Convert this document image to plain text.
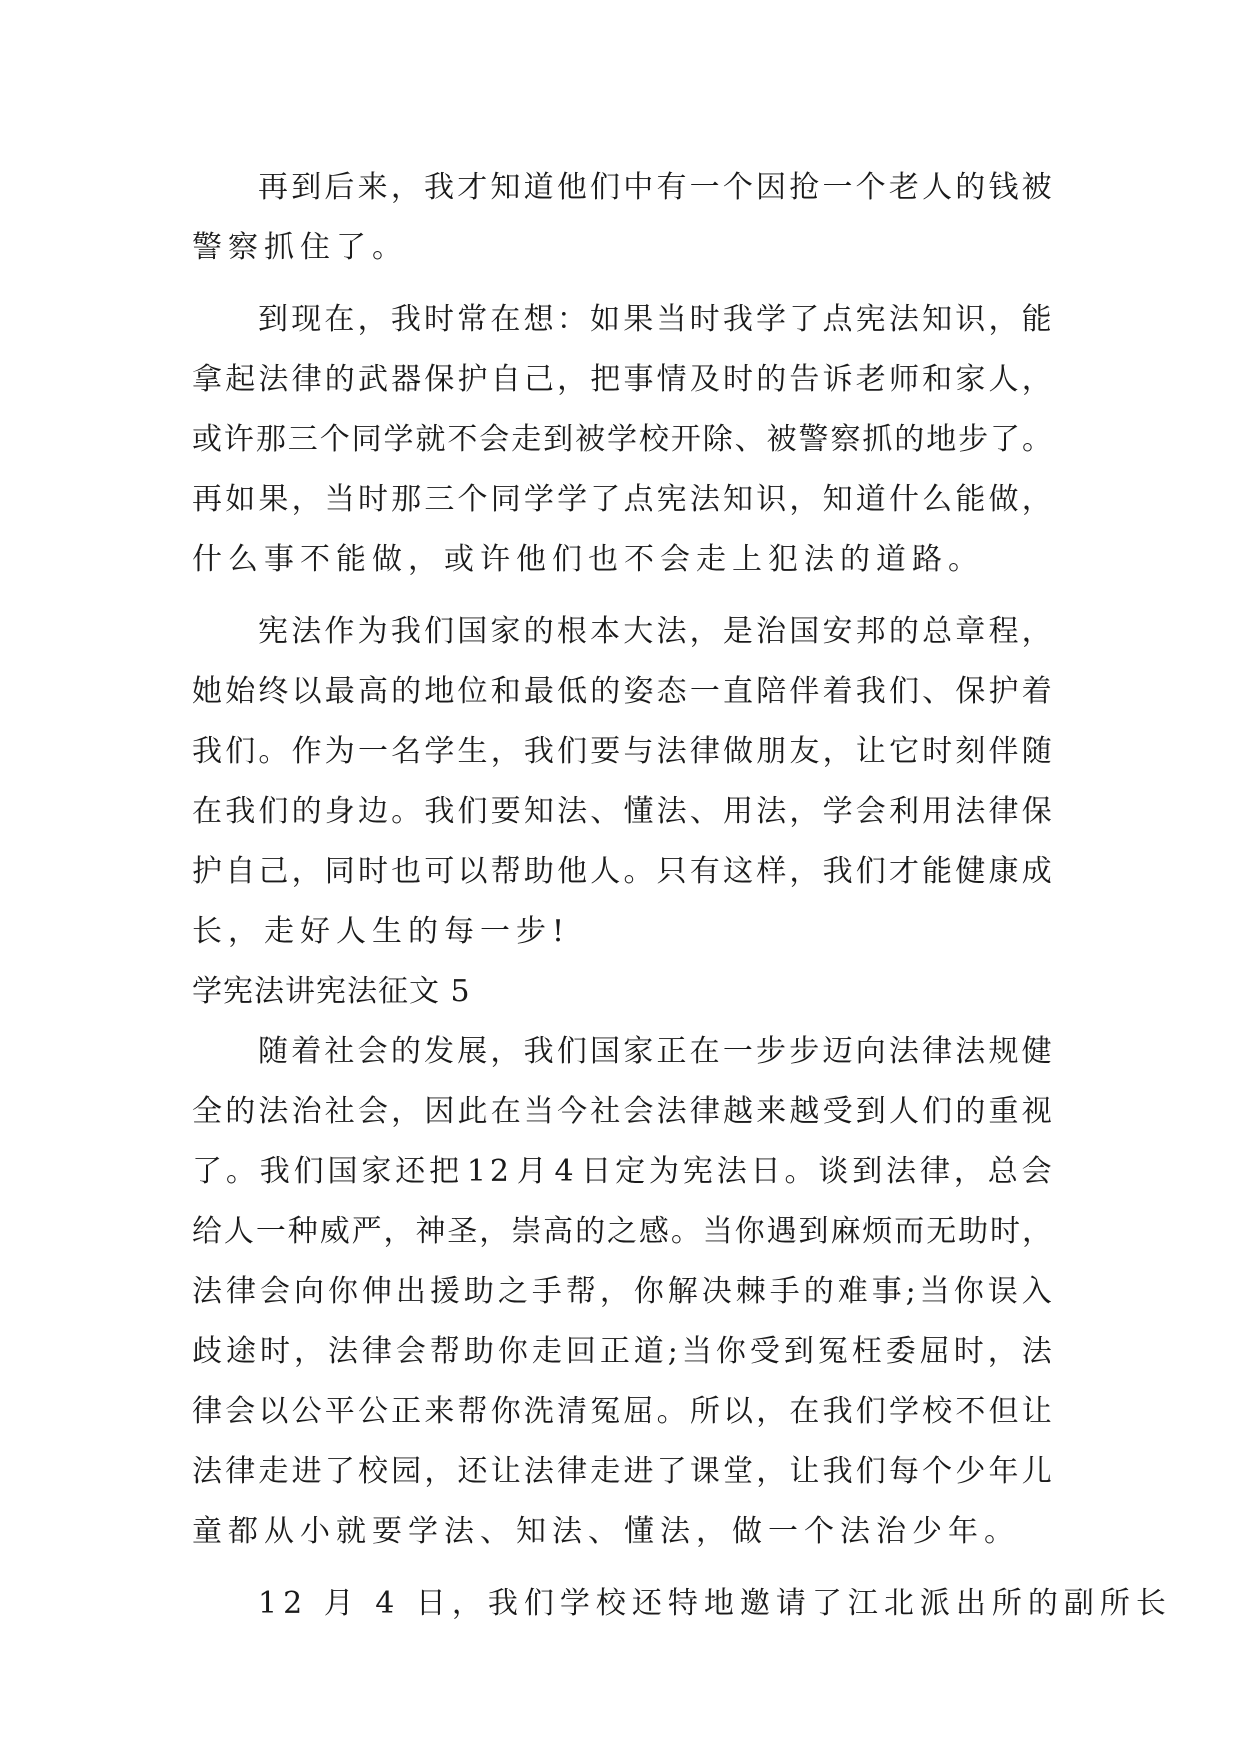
再 到 后 来 ， 我 才 知 道 他 们 中 有 一 个 因 抢 一 个 老 人 的 钱 被
警察抓住了。
到 现 在 ， 我 时 常 在 想 ： 如 果 当 时 我 学 了 点 宪 法 知 识 ， 能
拿 起 法 律 的 武 器 保 护 自 己 ， 把 事 情 及 时 的 告 诉 老 师 和 家 人 ，
或 许 那 三 个 同 学 就 不 会 走 到 被 学 校 开 除 、 被 警 察 抓 的 地 步 了 。
再 如 果 ， 当 时 那 三 个 同 学 学 了 点 宪 法 知 识 ， 知 道 什 么 能 做 ，
什么事不能做，或许他们也不会走上犯法的道路。
宪 法 作 为 我 们 国 家 的 根 本 大 法 ， 是 治 国 安 邦 的 总 章 程 ，
她 始 终 以 最 高 的 地 位 和 最 低 的 姿 态 一 直 陪 伴 着 我 们 、 保 护 着
我 们 。 作 为 一 名 学 生 ， 我 们 要 与 法 律 做 朋 友 ， 让 它 时 刻 伴 随
在 我 们 的 身 边 。 我 们 要 知 法 、 懂 法 、 用 法 ， 学 会 利 用 法 律 保
护 自 己 ， 同 时 也 可 以 帮 助 他 人 。 只 有 这 样 ， 我 们 才 能 健 康 成
长，走好人生的每一步!
学宪法讲宪法征文 5
随 着 社 会 的 发 展 ， 我 们 国 家 正 在 一 步 步 迈 向 法 律 法 规 健
全 的 法 治 社 会 ， 因 此 在 当 今 社 会 法 律 越 来 越 受 到 人 们 的 重 视
了 。 我 们 国 家 还 把 1 2 月 4 日 定 为 宪 法 日 。 谈 到 法 律 ， 总 会
给 人 一 种 威 严 ， 神 圣 ， 崇 高 的 之 感 。 当 你 遇 到 麻 烦 而 无 助 时 ，
法 律 会 向 你 伸 出 援 助 之 手 帮 ， 你 解 决 棘 手 的 难 事 ; 当 你 误 入
歧 途 时 ， 法 律 会 帮 助 你 走 回 正 道 ; 当 你 受 到 冤 枉 委 屈 时 ， 法
律 会 以 公 平 公 正 来 帮 你 洗 清 冤 屈 。 所 以 ， 在 我 们 学 校 不 但 让
法 律 走 进 了 校 园 ， 还 让 法 律 走 进 了 课 堂 ， 让 我 们 每 个 少 年 儿
童都从小就要学法、知法、懂法，做一个法治少年。
12 月 4 日，我们学校还特地邀请了江北派出所的副所长
